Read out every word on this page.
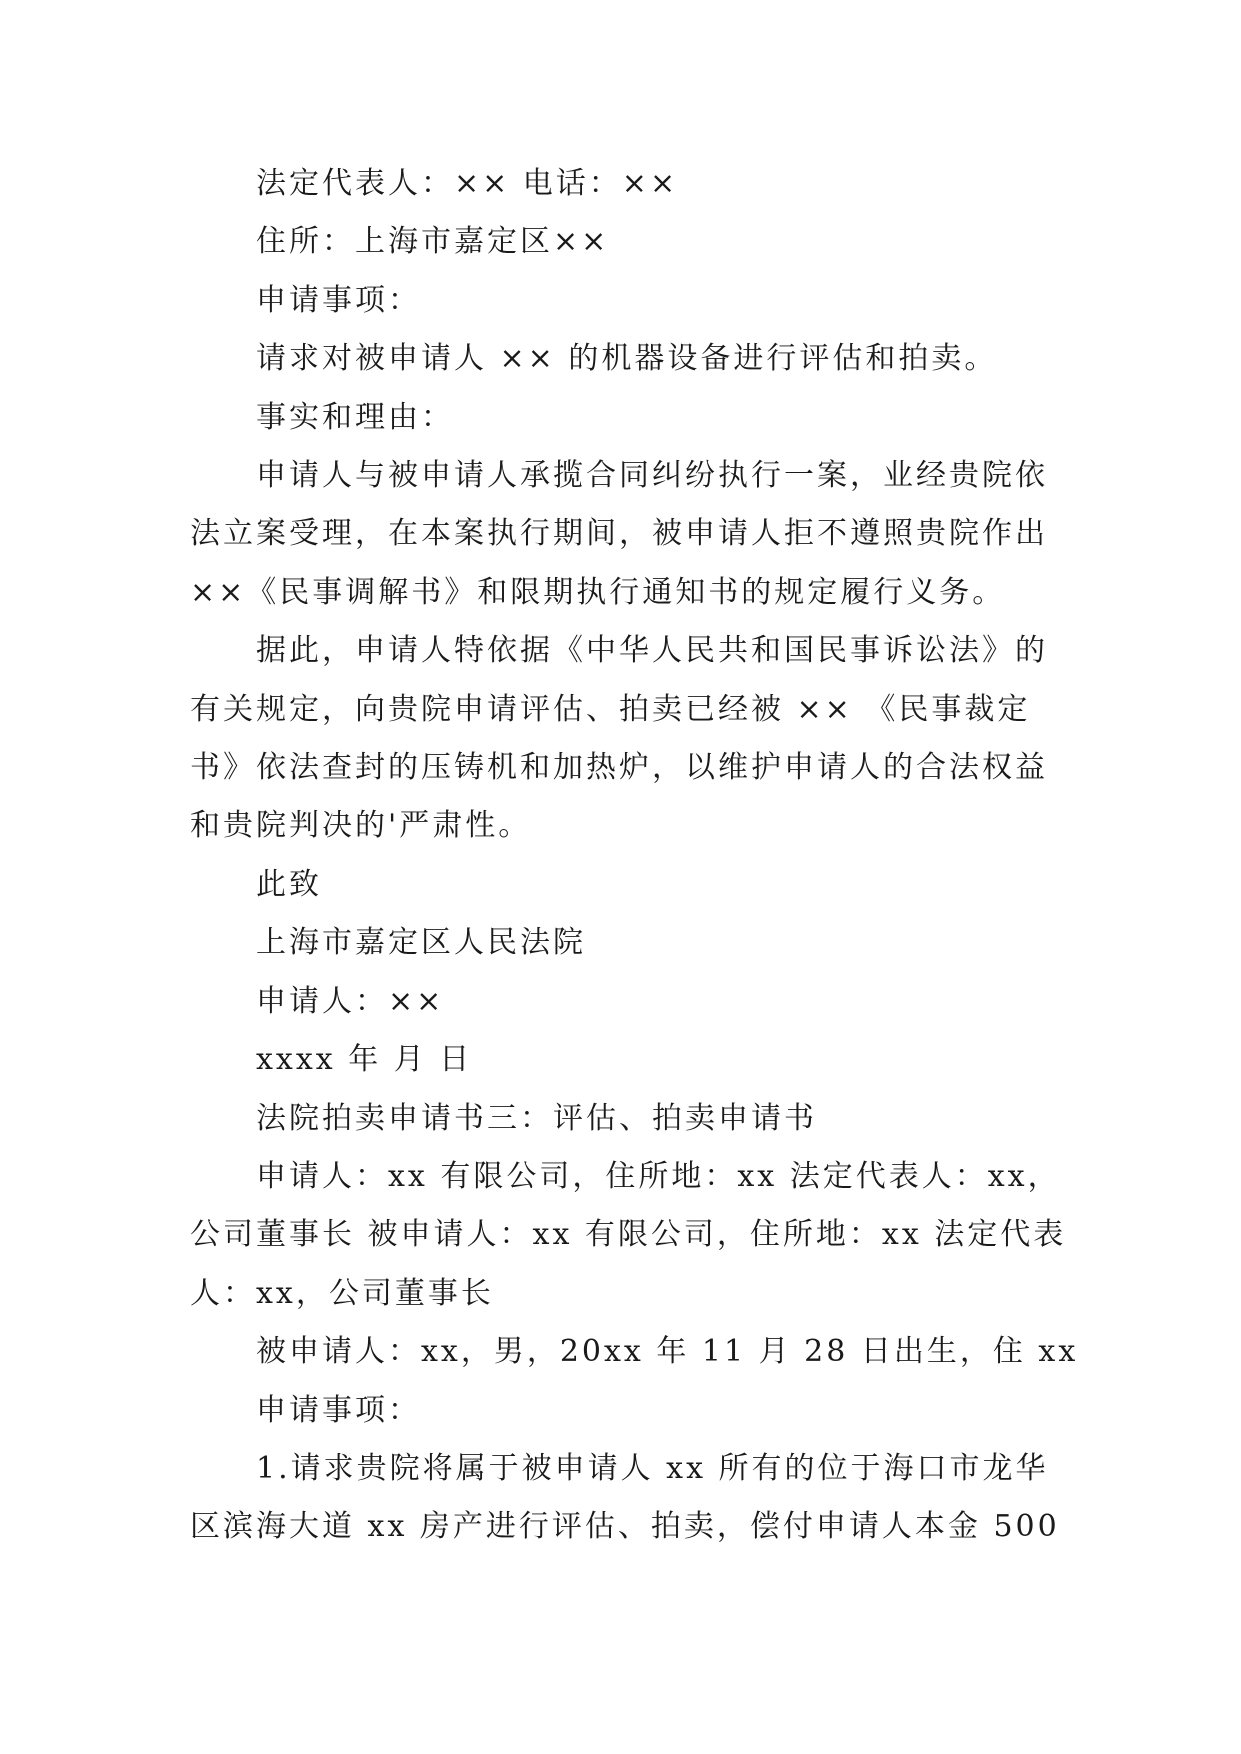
法定代表人：×× 电话：××

住所：上海市嘉定区××

申请事项：

请求对被申请人 ×× 的机器设备进行评估和拍卖。

事实和理由：

申请人与被申请人承揽合同纠纷执行一案，业经贵院依
法立案受理，在本案执行期间，被申请人拒不遵照贵院作出
××《民事调解书》和限期执行通知书的规定履行义务。
据此，申请人特依据《中华人民共和国民事诉讼法》的
有关规定，向贵院申请评估、拍卖已经被 ×× 《民事裁定
书》依法查封的压铸机和加热炉，以维护申请人的合法权益
和贵院判决的'严肃性。

此致

上海市嘉定区人民法院

申请人：××

xxxx 年 月 日

法院拍卖申请书三：评估、拍卖申请书

申请人：xx 有限公司，住所地：xx 法定代表人：xx，
公司董事长 被申请人：xx 有限公司，住所地：xx 法定代表
人：xx，公司董事长

被申请人：xx，男，20xx 年 11 月 28 日出生，住 xx

申请事项：

1.请求贵院将属于被申请人 xx 所有的位于海口市龙华
区滨海大道 xx 房产进行评估、拍卖，偿付申请人本金 500
